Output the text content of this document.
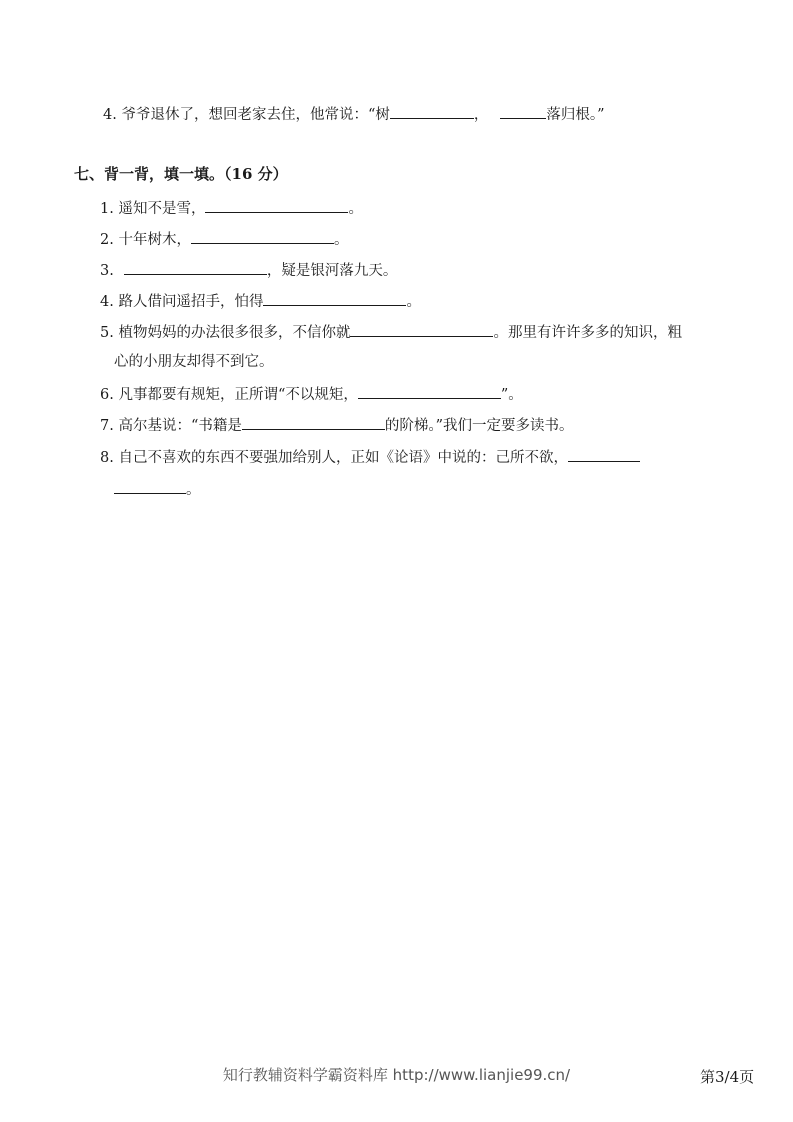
4. 爷爷退休了，想回老家去住，他常说：“树	，	落归根。”
七、背一背，填一填。（16 分）
1. 遥知不是雪，	。
2. 十年树木，	。
3.	，疑是银河落九天。
4. 路人借问遥招手，怕得	。
5. 植物妈妈的办法很多很多，不信你就	。那里有许许多多的知识，粗
心的小朋友却得不到它。
6. 凡事都要有规矩，正所谓“不以规矩，	”。
7. 高尔基说：“书籍是	的阶梯。”我们一定要多读书。
8. 自己不喜欢的东西不要强加给别人，正如《论语》中说的：己所不欲，
。
知行教辅资料学霸资料库 http://www.lianjie99.cn/	第3/4页
